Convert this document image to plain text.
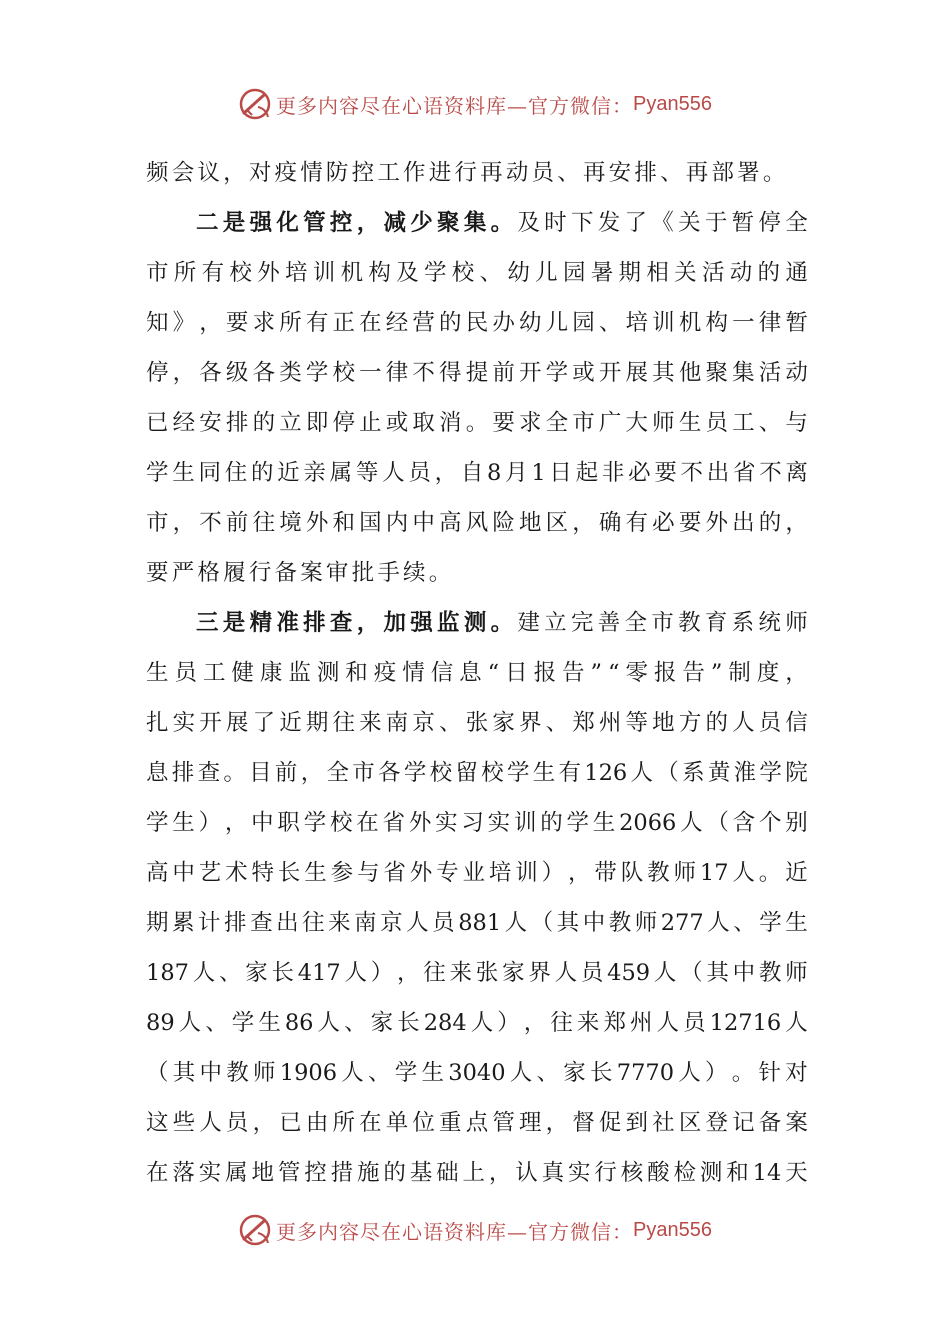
更多内容尽在心语资料库—官方微信： Pyan556
频 会 议 ， 对 疫 情 防 控 工 作 进 行 再 动 员 、 再 安 排 、 再 部 署 。
二 是 强 化 管 控 ， 减 少 聚 集 。 及 时 下 发 了 《 关 于 暂 停 全
市 所 有 校 外 培 训 机 构 及 学 校 、 幼 儿 园 暑 期 相 关 活 动 的 通
知 》 ， 要 求 所 有 正 在 经 营 的 民 办 幼 儿 园 、 培 训 机 构 一 律 暂
停 ， 各 级 各 类 学 校 一 律 不 得 提 前 开 学 或 开 展 其 他 聚 集 活 动
已 经 安 排 的 立 即 停 止 或 取 消 。 要 求 全 市 广 大 师 生 员 工 、 与
学 生 同 住 的 近 亲 属 等 人 员 ， 自 8 月 1 日 起 非 必 要 不 出 省 不 离
市 ， 不 前 往 境 外 和 国 内 中 高 风 险 地 区 ， 确 有 必 要 外 出 的 ，
要 严 格 履 行 备 案 审 批 手 续 。
三 是 精 准 排 查 ， 加 强 监 测 。 建 立 完 善 全 市 教 育 系 统 师
生 员 工 健 康 监 测 和 疫 情 信 息 “ 日 报 告 ” “ 零 报 告 ” 制 度 ，
扎 实 开 展 了 近 期 往 来 南 京 、 张 家 界 、 郑 州 等 地 方 的 人 员 信
息 排 查 。 目 前 ， 全 市 各 学 校 留 校 学 生 有 126 人 （ 系 黄 淮 学 院
学 生 ） ， 中 职 学 校 在 省 外 实 习 实 训 的 学 生 2066 人 （ 含 个 别
高 中 艺 术 特 长 生 参 与 省 外 专 业 培 训 ） ， 带 队 教 师 17 人 。 近
期 累 计 排 查 出 往 来 南 京 人 员 881 人 （ 其 中 教 师 277 人 、 学 生
187 人 、 家 长 417 人 ） ， 往 来 张 家 界 人 员 459 人 （ 其 中 教 师
89 人 、 学 生 86 人 、 家 长 284 人 ） ， 往 来 郑 州 人 员 12716 人
（ 其 中 教 师 1906 人 、 学 生 3040 人 、 家 长 7770 人 ） 。 针 对
这 些 人 员 ， 已 由 所 在 单 位 重 点 管 理 ， 督 促 到 社 区 登 记 备 案
在 落 实 属 地 管 控 措 施 的 基 础 上 ， 认 真 实 行 核 酸 检 测 和 14 天
更多内容尽在心语资料库—官方微信： Pyan556
